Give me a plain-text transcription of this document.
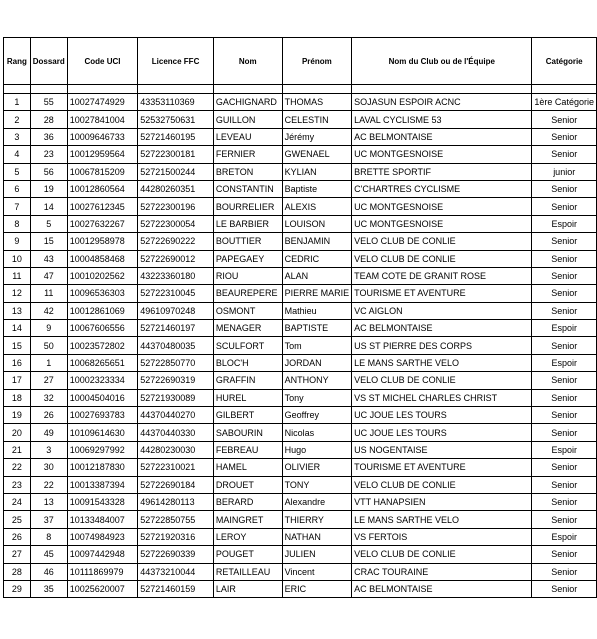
Rang	Dossard	Code UCI	Licence FFC	Nom	Prénom	Nom du Club ou de l'Équipe	Catégorie

1	55	10027474929	43353110369	GACHIGNARD	THOMAS	SOJASUN ESPOIR ACNC	1ère Catégorie
2	28	10027841004	52532750631	GUILLON	CELESTIN	LAVAL CYCLISME 53	Senior
3	36	10009646733	52721460195	LEVEAU	Jérémy	AC BELMONTAISE	Senior
4	23	10012959564	52722300181	FERNIER	GWENAEL	UC MONTGESNOISE	Senior
5	56	10067815209	52721500244	BRETON	KYLIAN	BRETTE SPORTIF	junior
6	19	10012860564	44280260351	CONSTANTIN	Baptiste	C'CHARTRES CYCLISME	Senior
7	14	10027612345	52722300196	BOURRELIER	ALEXIS	UC MONTGESNOISE	Senior
8	5	10027632267	52722300054	LE BARBIER	LOUISON	UC MONTGESNOISE	Espoir
9	15	10012958978	52722690222	BOUTTIER	BENJAMIN	VELO CLUB DE CONLIE	Senior
10	43	10004858468	52722690012	PAPEGAEY	CEDRIC	VELO CLUB DE CONLIE	Senior
11	47	10010202562	43223360180	RIOU	ALAN	TEAM COTE DE GRANIT ROSE	Senior
12	11	10096536303	52722310045	BEAUREPERE	PIERRE MARIE	TOURISME ET AVENTURE	Senior
13	42	10012861069	49610970248	OSMONT	Mathieu	VC AIGLON	Senior
14	9	10067606556	52721460197	MENAGER	BAPTISTE	AC BELMONTAISE	Espoir
15	50	10023572802	44370480035	SCULFORT	Tom	US ST PIERRE DES CORPS	Senior
16	1	10068265651	52722850770	BLOC'H	JORDAN	LE MANS SARTHE VELO	Espoir
17	27	10002323334	52722690319	GRAFFIN	ANTHONY	VELO CLUB DE CONLIE	Senior
18	32	10004504016	52721930089	HUREL	Tony	VS ST MICHEL CHARLES CHRIST	Senior
19	26	10027693783	44370440270	GILBERT	Geoffrey	UC JOUE LES TOURS	Senior
20	49	10109614630	44370440330	SABOURIN	Nicolas	UC JOUE LES TOURS	Senior
21	3	10069297992	44280230030	FEBREAU	Hugo	US NOGENTAISE	Espoir
22	30	10012187830	52722310021	HAMEL	OLIVIER	TOURISME ET AVENTURE	Senior
23	22	10013387394	52722690184	DROUET	TONY	VELO CLUB DE CONLIE	Senior
24	13	10091543328	49614280113	BERARD	Alexandre	VTT HANAPSIEN	Senior
25	37	10133484007	52722850755	MAINGRET	THIERRY	LE MANS SARTHE VELO	Senior
26	8	10074984923	52721920316	LEROY	NATHAN	VS FERTOIS	Espoir
27	45	10097442948	52722690339	POUGET	JULIEN	VELO CLUB DE CONLIE	Senior
28	46	10111869979	44373210044	RETAILLEAU	Vincent	CRAC TOURAINE	Senior
29	35	10025620007	52721460159	LAIR	ERIC	AC BELMONTAISE	Senior
